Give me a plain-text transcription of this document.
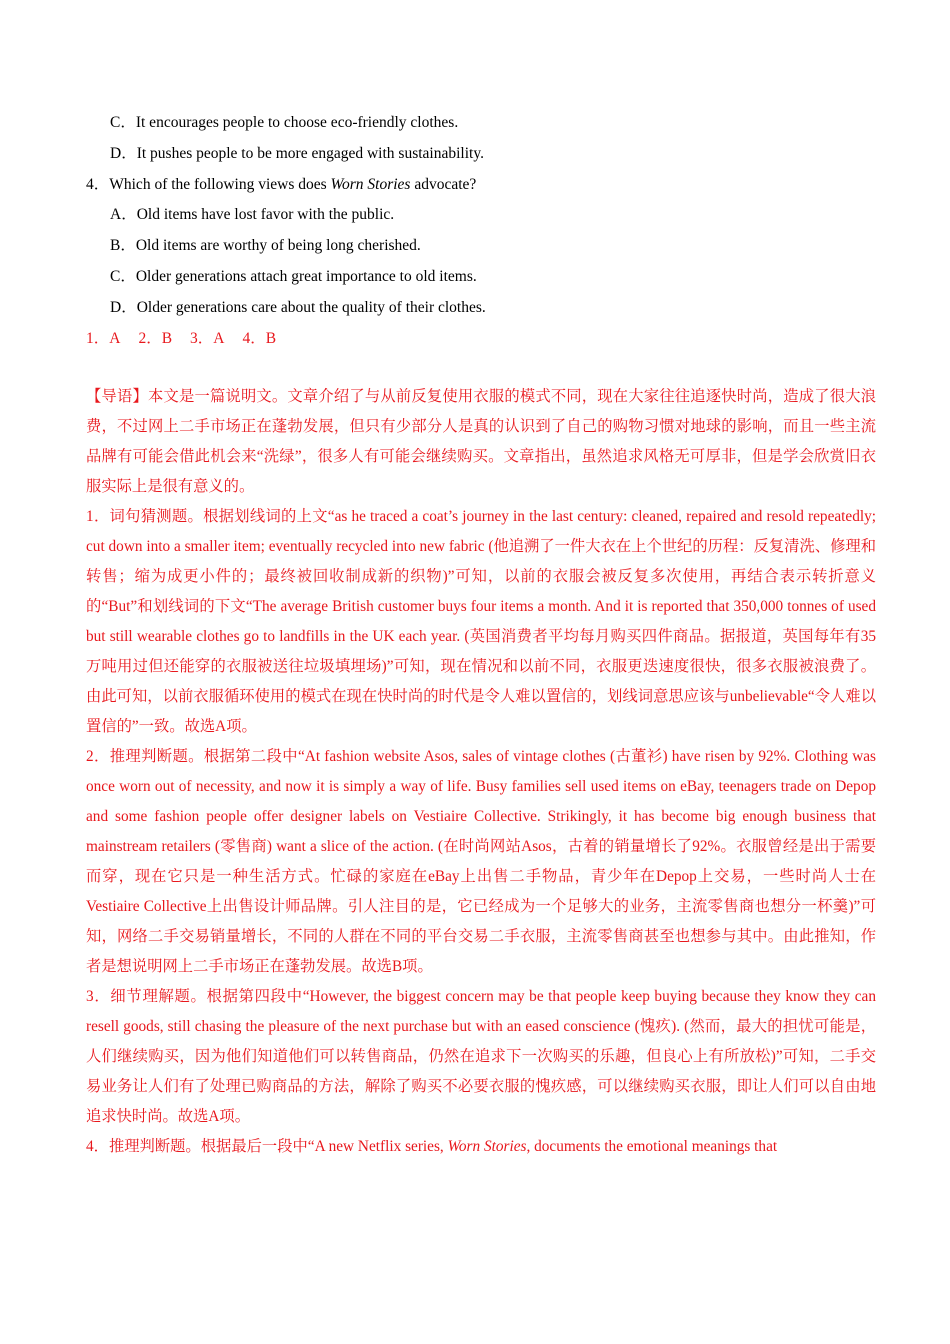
C．It encourages people to choose eco-friendly clothes.
D．It pushes people to be more engaged with sustainability.
4．Which of the following views does Worn Stories advocate?
A．Old items have lost favor with the public.
B．Old items are worthy of being long cherished.
C．Older generations attach great importance to old items.
D．Older generations care about the quality of their clothes.
1．A 2．B 3．A 4．B

【导语】本文是一篇说明文。文章介绍了与从前反复使用衣服的模式不同，现在大家往往追逐快时尚，造成了很大浪费，不过网上二手市场正在蓬勃发展，但只有少部分人是真的认识到了自己的购物习惯对地球的影响，而且一些主流品牌有可能会借此机会来“洗绿”，很多人有可能会继续购买。文章指出，虽然追求风格无可厚非，但是学会欣赏旧衣服实际上是很有意义的。

1．词句猜测题。根据划线词的上文“as he traced a coat’s journey in the last century: cleaned, repaired and resold repeatedly; cut down into a smaller item; eventually recycled into new fabric (他追溯了一件大衣在上个世纪的历程：反复清洗、修理和转售；缩为成更小件的；最终被回收制成新的织物)”可知，以前的衣服会被反复多次使用，再结合表示转折意义的“But”和划线词的下文“The average British customer buys four items a month. And it is reported that 350,000 tonnes of used but still wearable clothes go to landfills in the UK each year. (英国消费者平均每月购买四件商品。据报道，英国每年有35万吨用过但还能穿的衣服被送往垃圾填埋场)”可知，现在情况和以前不同，衣服更迭速度很快，很多衣服被浪费了。由此可知，以前衣服循环使用的模式在现在快时尚的时代是令人难以置信的，划线词意思应该与unbelievable“令人难以置信的”一致。故选A项。

2．推理判断题。根据第二段中“At fashion website Asos, sales of vintage clothes (古董衫) have risen by 92%. Clothing was once worn out of necessity, and now it is simply a way of life. Busy families sell used items on eBay, teenagers trade on Depop and some fashion people offer designer labels on Vestiaire Collective. Strikingly, it has become big enough business that mainstream retailers (零售商) want a slice of the action. (在时尚网站Asos，古着的销量增长了92%。衣服曾经是出于需要而穿，现在它只是一种生活方式。忙碌的家庭在eBay上出售二手物品，青少年在Depop上交易，一些时尚人士在Vestiaire Collective上出售设计师品牌。引人注目的是，它已经成为一个足够大的业务，主流零售商也想分一杯羹)”可知，网络二手交易销量增长，不同的人群在不同的平台交易二手衣服，主流零售商甚至也想参与其中。由此推知，作者是想说明网上二手市场正在蓬勃发展。故选B项。

3．细节理解题。根据第四段中“However, the biggest concern may be that people keep buying because they know they can resell goods, still chasing the pleasure of the next purchase but with an eased conscience (愧疚). (然而，最大的担忧可能是，人们继续购买，因为他们知道他们可以转售商品，仍然在追求下一次购买的乐趣，但良心上有所放松)”可知，二手交易业务让人们有了处理已购商品的方法，解除了购买不必要衣服的愧疚感，可以继续购买衣服，即让人们可以自由地追求快时尚。故选A项。

4．推理判断题。根据最后一段中“A new Netflix series, Worn Stories, documents the emotional meanings that
